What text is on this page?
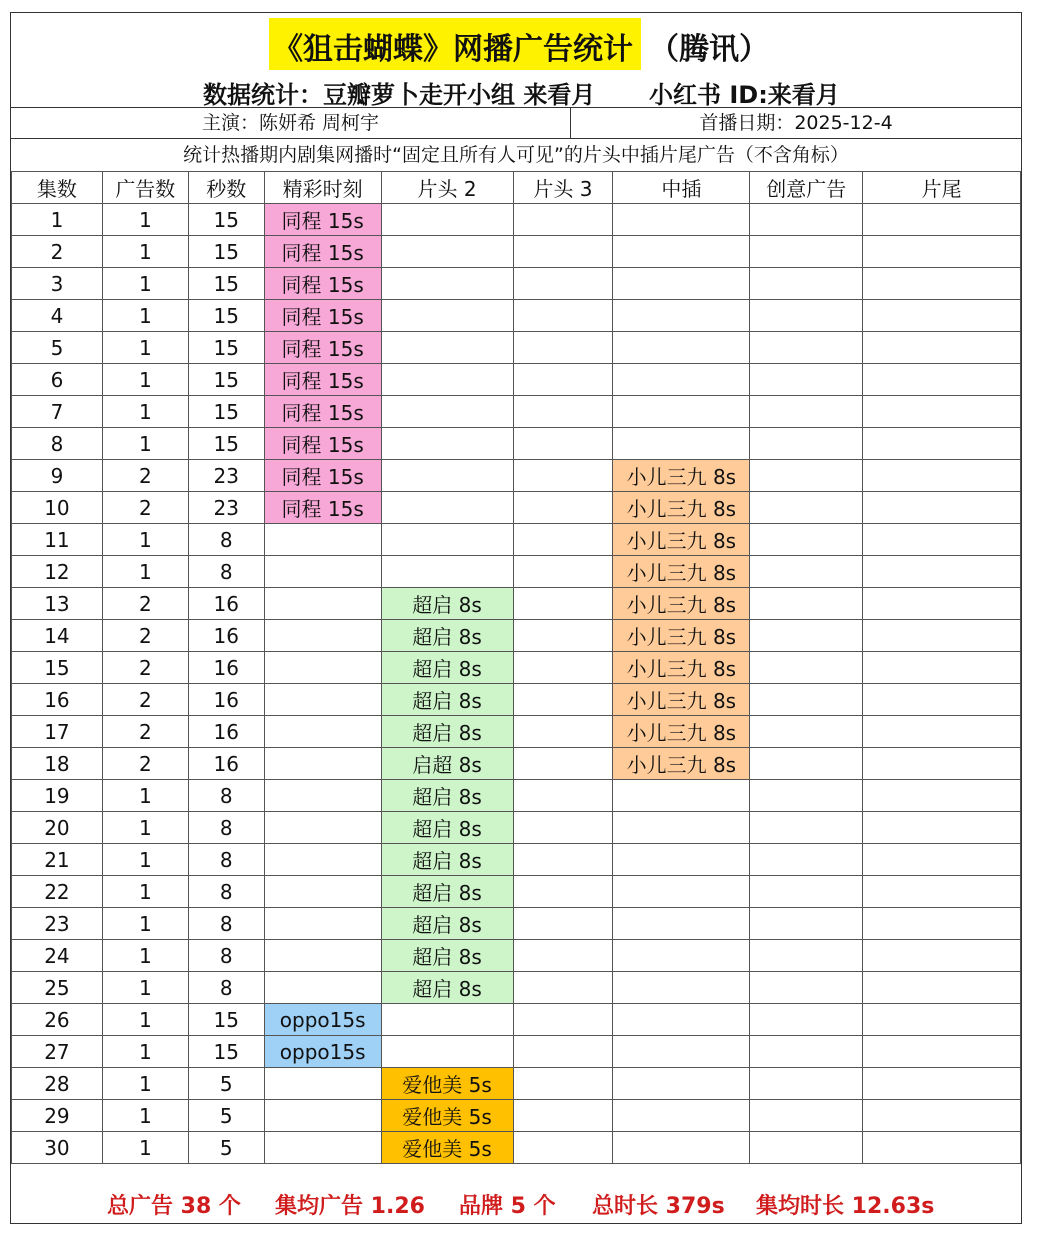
《狙击蝴蝶》网播广告统计 （腾讯）
数据统计：豆瓣萝卜走开小组 来看月 小红书 ID:来看月
主演：陈妍希 周柯宇	首播日期：2025-12-4
统计热播期内剧集网播时“固定且所有人可见”的片头中插片尾广告（不含角标）
集数	广告数	秒数	精彩时刻	片头 2	片头 3	中插	创意广告	片尾
1	1	15	同程 15s					
2	1	15	同程 15s					
3	1	15	同程 15s					
4	1	15	同程 15s					
5	1	15	同程 15s					
6	1	15	同程 15s					
7	1	15	同程 15s					
8	1	15	同程 15s					
9	2	23	同程 15s			小儿三九 8s		
10	2	23	同程 15s			小儿三九 8s		
11	1	8				小儿三九 8s		
12	1	8				小儿三九 8s		
13	2	16		超启 8s		小儿三九 8s		
14	2	16		超启 8s		小儿三九 8s		
15	2	16		超启 8s		小儿三九 8s		
16	2	16		超启 8s		小儿三九 8s		
17	2	16		超启 8s		小儿三九 8s		
18	2	16		启超 8s		小儿三九 8s		
19	1	8		超启 8s				
20	1	8		超启 8s				
21	1	8		超启 8s				
22	1	8		超启 8s				
23	1	8		超启 8s				
24	1	8		超启 8s				
25	1	8		超启 8s				
26	1	15	oppo15s					
27	1	15	oppo15s					
28	1	5		爱他美 5s				
29	1	5		爱他美 5s				
30	1	5		爱他美 5s				
总广告 38 个 集均广告 1.26 品牌 5 个 总时长 379s 集均时长 12.63s
